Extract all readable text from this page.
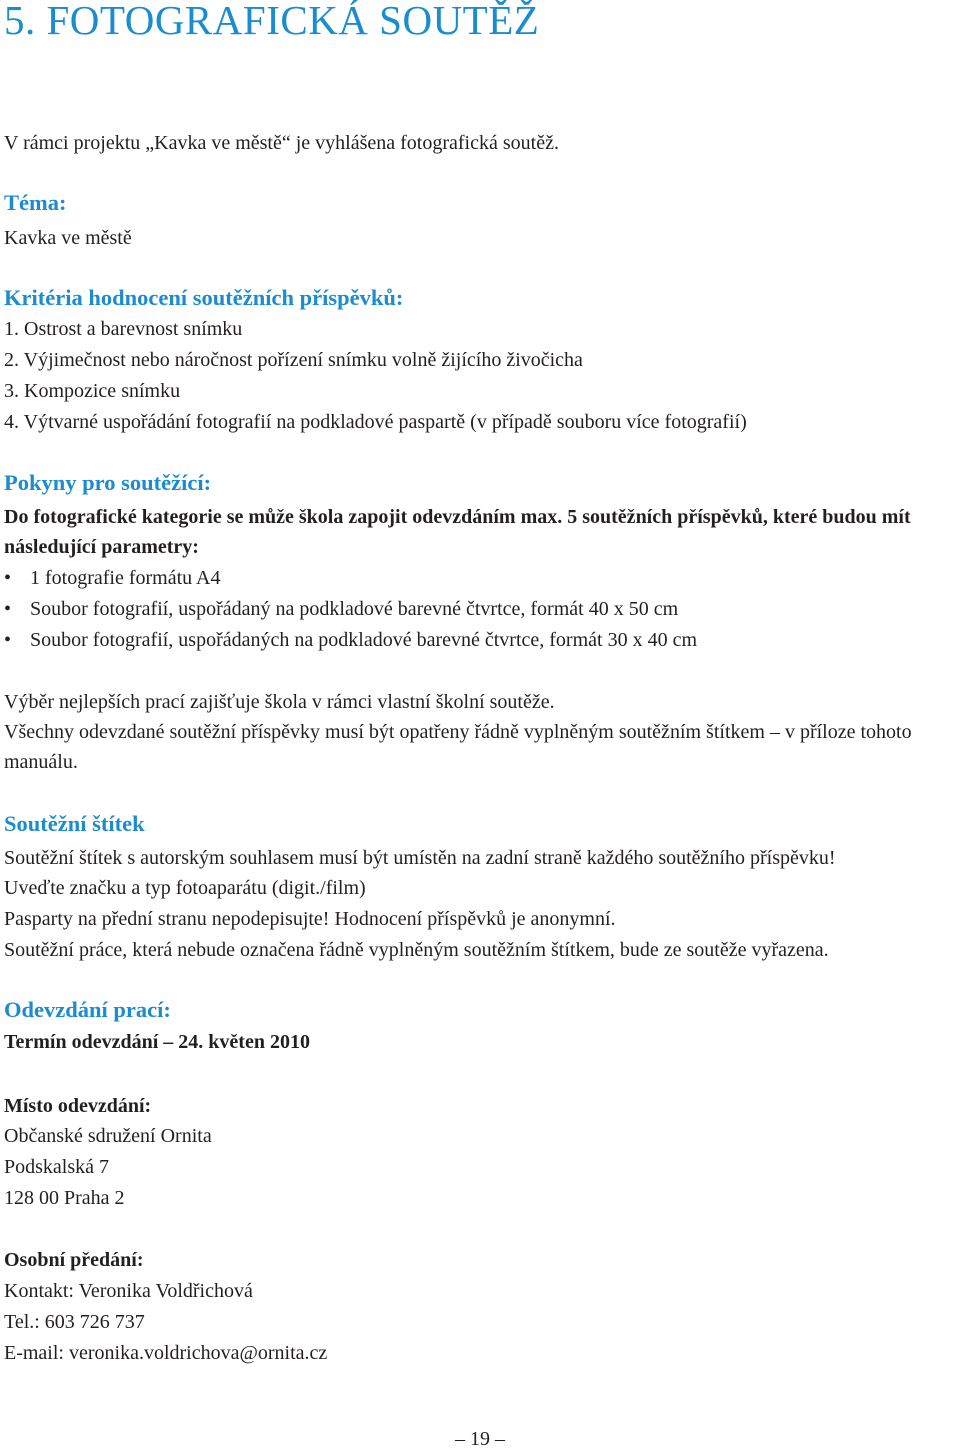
5. FOTOGRAFICKÁ SOUTĚŽ
V rámci projektu „Kavka ve městě“ je vyhlášena fotografická soutěž.
Téma:
Kavka ve městě
Kritéria hodnocení soutěžních příspěvků:
1. Ostrost a barevnost snímku
2. Výjimečnost nebo náročnost pořízení snímku volně žijícího živočicha
3. Kompozice snímku
4. Výtvarné uspořádání fotografií na podkladové paspartě (v případě souboru více fotografií)
Pokyny pro soutěžící:
Do fotografické kategorie se může škola zapojit odevzdáním max. 5 soutěžních příspěvků, které budou mít následující parametry:
• 1 fotografie formátu A4
• Soubor fotografií, uspořádaný na podkladové barevné čtvrtce, formát 40 x 50 cm
• Soubor fotografií, uspořádaných na podkladové barevné čtvrtce, formát 30 x 40 cm
Výběr nejlepších prací zajišťuje škola v rámci vlastní školní soutěže.
Všechny odevzdané soutěžní příspěvky musí být opatřeny řádně vyplněným soutěžním štítkem – v příloze tohoto manuálu.
Soutěžní štítek
Soutěžní štítek s autorským souhlasem musí být umístěn na zadní straně každého soutěžního příspěvku!
Uveďte značku a typ fotoaparátu (digit./film)
Pasparty na přední stranu nepodepisujte! Hodnocení příspěvků je anonymní.
Soutěžní práce, která nebude označena řádně vyplněným soutěžním štítkem, bude ze soutěže vyřazena.
Odevzdání prací:
Termín odevzdání – 24. květen 2010
Místo odevzdání:
Občanské sdružení Ornita
Podskalská 7
128 00 Praha 2
Osobní předání:
Kontakt: Veronika Voldřichová
Tel.: 603 726 737
E-mail: veronika.voldrichova@ornita.cz
– 19 –
